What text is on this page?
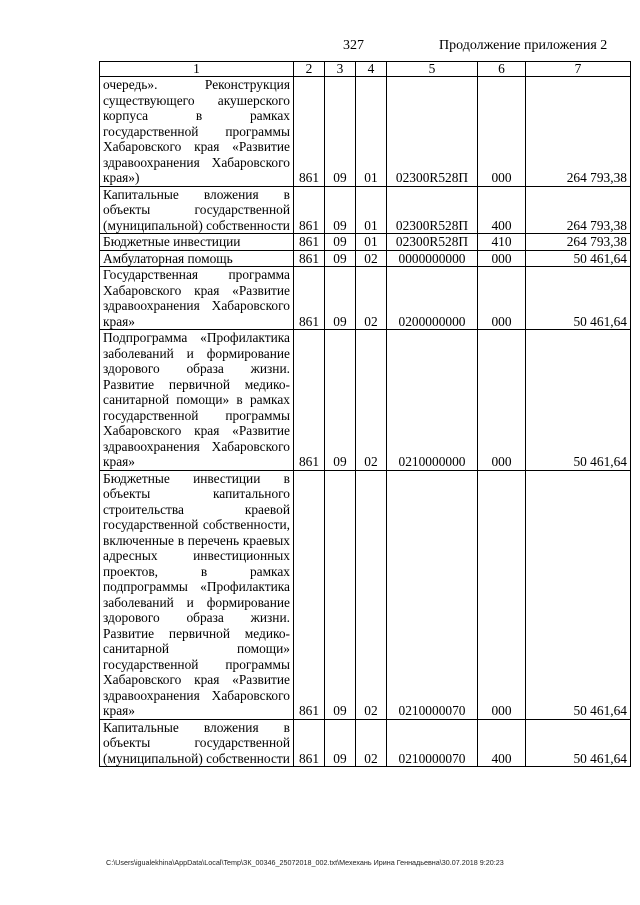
327	Продолжение приложения 2
1	2	3	4	5	6	7
очередь». Реконструкция существующего акушерского корпуса в рамках государственной программы Хабаровского края «Развитие здравоохранения Хабаровского края»)	861	09	01	02300R528П	000	264 793,38
Капитальные вложения в объекты государственной (муниципальной) собственности	861	09	01	02300R528П	400	264 793,38
Бюджетные инвестиции	861	09	01	02300R528П	410	264 793,38
Амбулаторная помощь	861	09	02	0000000000	000	50 461,64
Государственная программа Хабаровского края «Развитие здравоохранения Хабаровского края»	861	09	02	0200000000	000	50 461,64
Подпрограмма «Профилактика заболеваний и формирование здорового образа жизни. Развитие первичной медико-санитарной помощи» в рамках государственной программы Хабаровского края «Развитие здравоохранения Хабаровского края»	861	09	02	0210000000	000	50 461,64
Бюджетные инвестиции в объекты капитального строительства краевой государственной собственности, включенные в перечень краевых адресных инвестиционных проектов, в рамках подпрограммы «Профилактика заболеваний и формирование здорового образа жизни. Развитие первичной медико-санитарной помощи» государственной программы Хабаровского края «Развитие здравоохранения Хабаровского края»	861	09	02	0210000070	000	50 461,64
Капитальные вложения в объекты государственной (муниципальной) собственности	861	09	02	0210000070	400	50 461,64
C:\Users\igualekhina\AppData\Local\Temp\ЗК_00346_25072018_002.txt\Мехехань Ирина Геннадьевна\30.07.2018 9:20:23
